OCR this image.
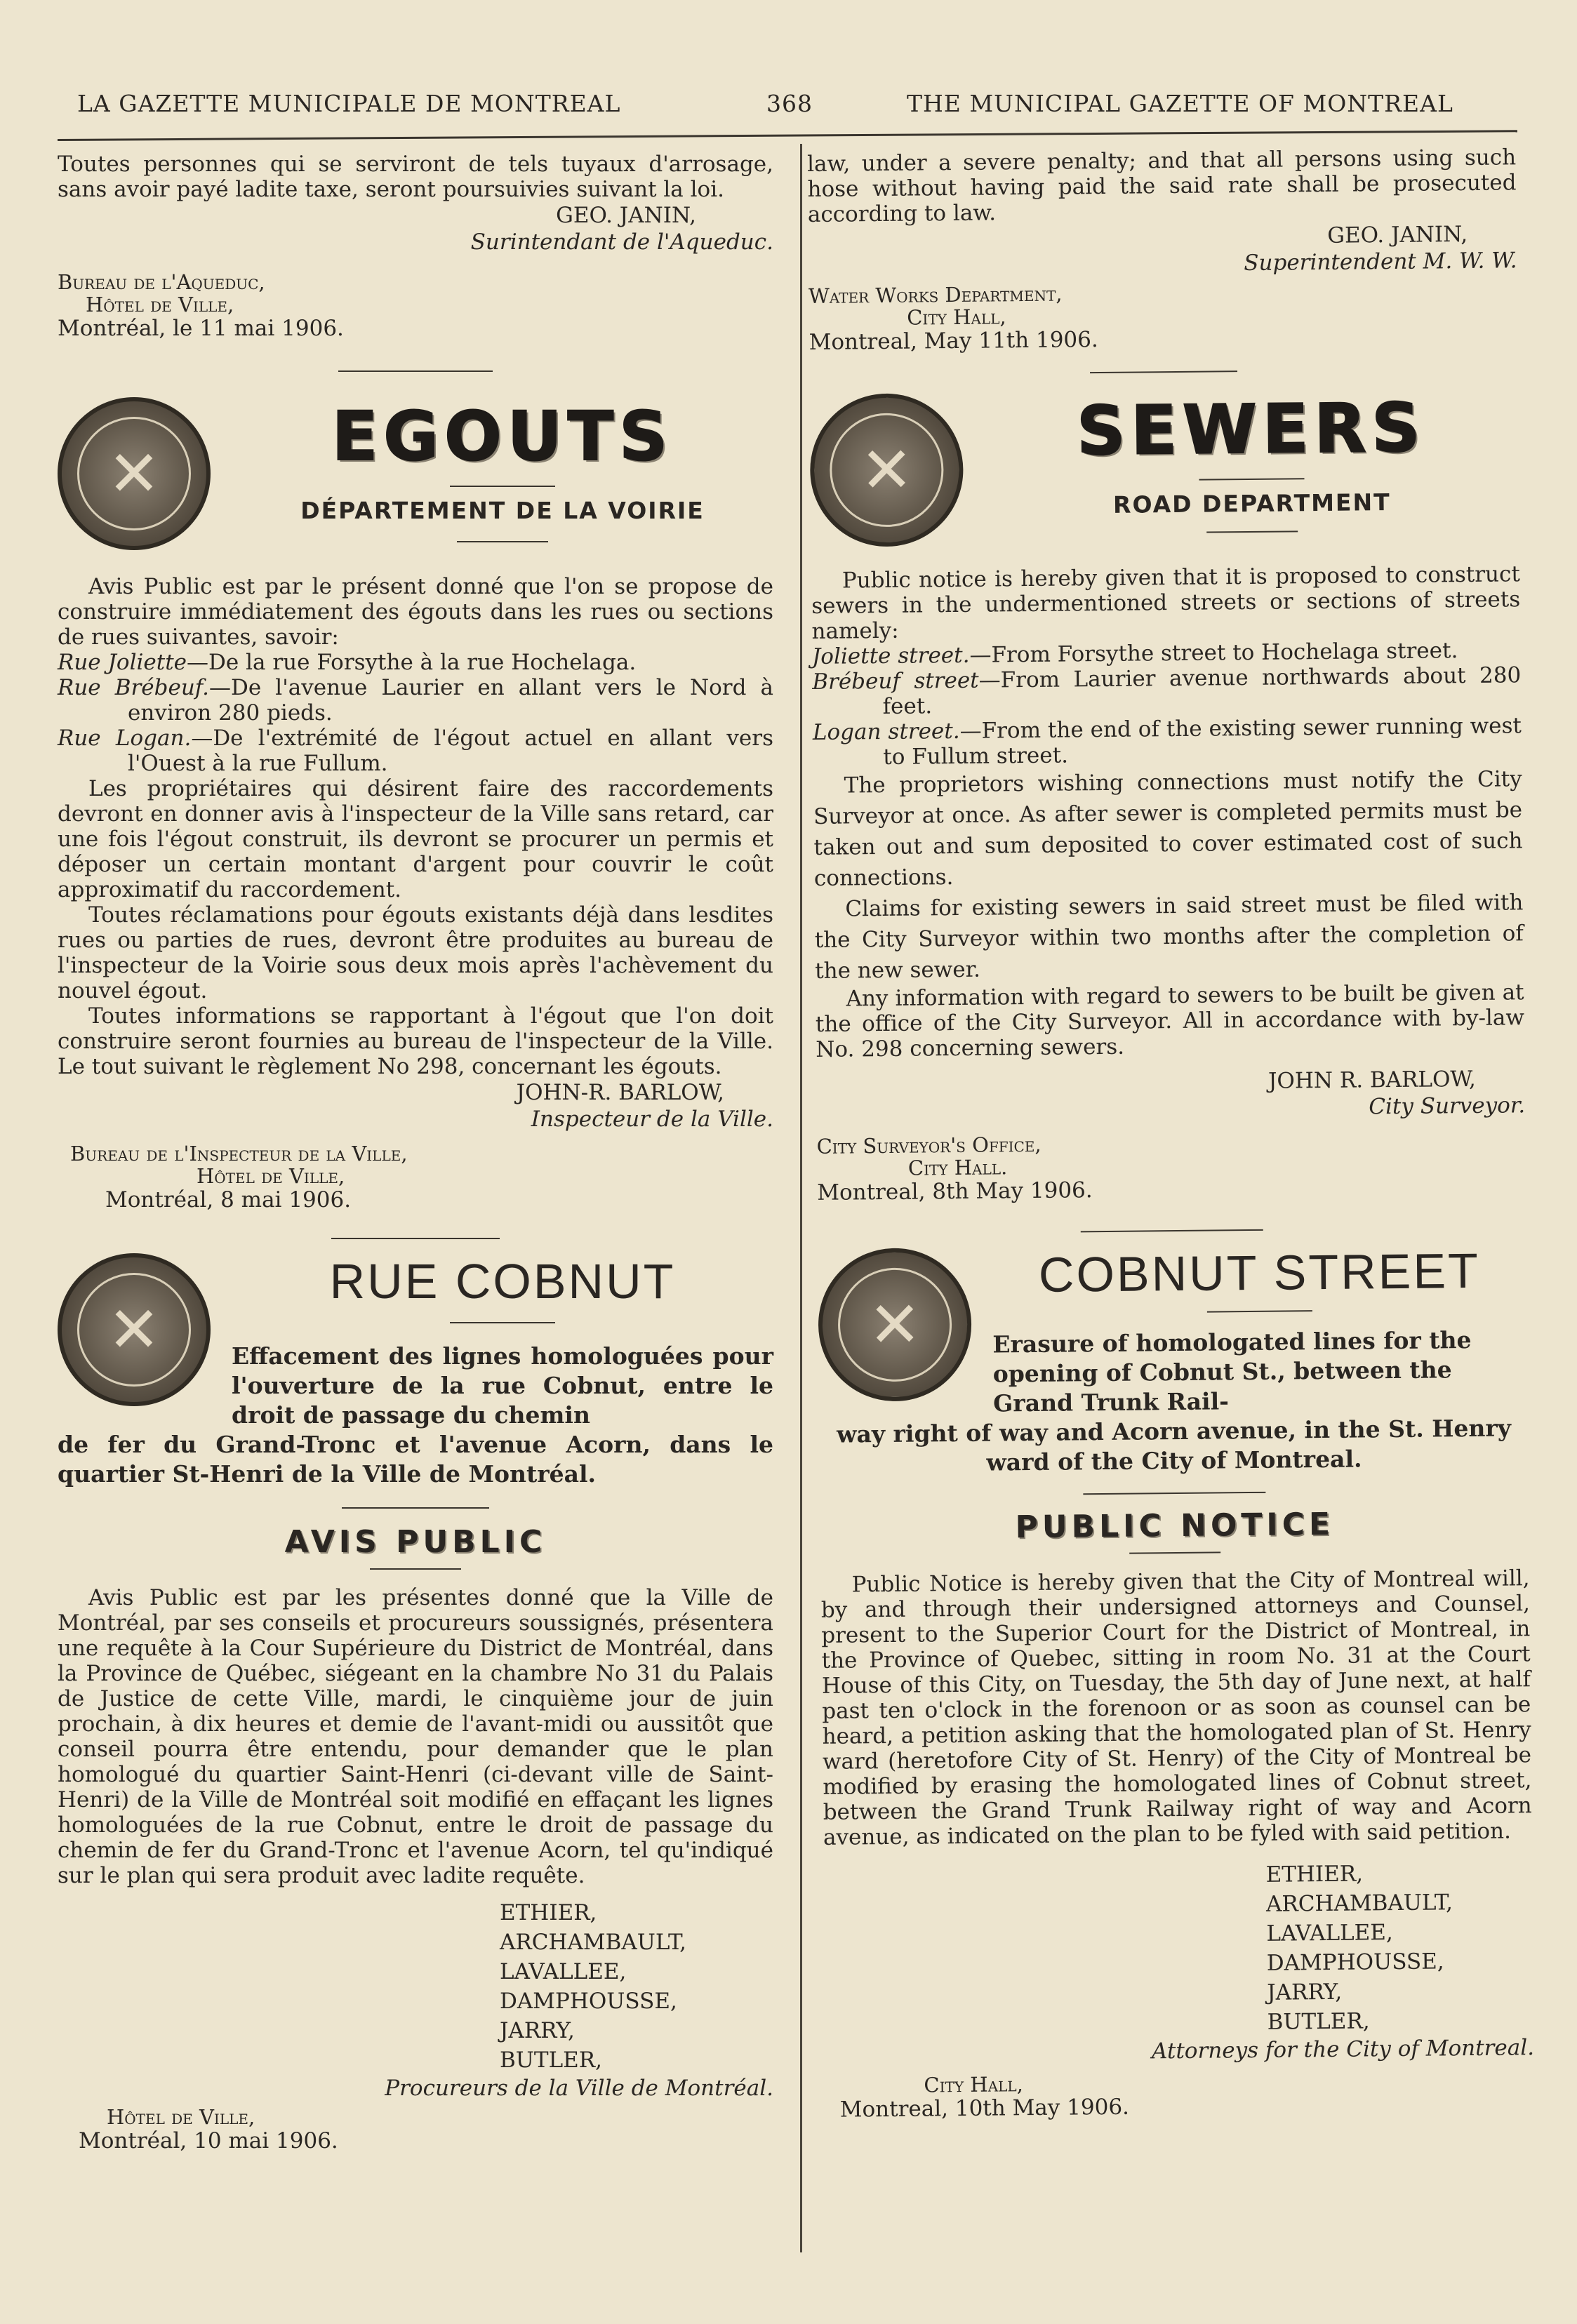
LA GAZETTE MUNICIPALE DE MONTREAL	368	THE MUNICIPAL GAZETTE OF MONTREAL

Toutes personnes qui se serviront de tels tuyaux d'arrosage, sans avoir payé ladite taxe, seront poursuivies suivant la loi.

GEO. JANIN,
Surintendant de l'Aqueduc.
Bureau de l'Aqueduc,
Hôtel de Ville,
Montréal, le 11 mai 1906.
✕
EGOUTS
DÉPARTEMENT DE LA VOIRIE

Avis Public est par le présent donné que l'on se propose de construire immédiatement des égouts dans les rues ou sections de rues suivantes, savoir:

Rue Joliette—De la rue Forsythe à la rue Hochelaga.

Rue Brébeuf.—De l'avenue Laurier en allant vers le Nord à environ 280 pieds.

Rue Logan.—De l'extrémité de l'égout actuel en allant vers l'Ouest à la rue Fullum.

Les propriétaires qui désirent faire des raccordements devront en donner avis à l'inspecteur de la Ville sans retard, car une fois l'égout construit, ils devront se procurer un permis et déposer un certain montant d'argent pour couvrir le coût approximatif du raccordement.

Toutes réclamations pour égouts existants déjà dans lesdites rues ou parties de rues, devront être produites au bureau de l'inspecteur de la Voirie sous deux mois après l'achèvement du nouvel égout.

Toutes informations se rapportant à l'égout que l'on doit construire seront fournies au bureau de l'inspecteur de la Ville. Le tout suivant le règlement No 298, concernant les égouts.

JOHN-R. BARLOW,
Inspecteur de la Ville.
Bureau de l'Inspecteur de la Ville,
Hôtel de Ville,
Montréal, 8 mai 1906.
✕
RUE COBNUT
Effacement des lignes homologuées pour l'ouverture de la rue Cobnut, entre le droit de passage du chemin
de fer du Grand-Tronc et l'avenue Acorn, dans le quartier St-Henri de la Ville de Montréal.
AVIS PUBLIC

Avis Public est par les présentes donné que la Ville de Montréal, par ses conseils et procureurs soussignés, présentera une requête à la Cour Supérieure du District de Montréal, dans la Province de Québec, siégeant en la chambre No 31 du Palais de Justice de cette Ville, mardi, le cinquième jour de juin prochain, à dix heures et demie de l'avant-midi ou aussitôt que conseil pourra être entendu, pour demander que le plan homologué du quartier Saint-Henri (ci-devant ville de Saint-Henri) de la Ville de Montréal soit modifié en effaçant les lignes homologuées de la rue Cobnut, entre le droit de passage du chemin de fer du Grand-Tronc et l'avenue Acorn, tel qu'indiqué sur le plan qui sera produit avec ladite requête.

ETHIER,
ARCHAMBAULT,
LAVALLEE,
DAMPHOUSSE,
JARRY,
BUTLER,
Procureurs de la Ville de Montréal.
Hôtel de Ville,
Montréal, 10 mai 1906.

law, under a severe penalty; and that all persons using such hose without having paid the said rate shall be prosecuted according to law.

GEO. JANIN,
Superintendent M. W. W.
Water Works Department,
City Hall,
Montreal, May 11th 1906.
✕
SEWERS
ROAD DEPARTMENT

Public notice is hereby given that it is proposed to construct sewers in the undermentioned streets or sections of streets namely:

Joliette street.—From Forsythe street to Hochelaga street.

Brébeuf street—From Laurier avenue northwards about 280 feet.

Logan street.—From the end of the existing sewer running west to Fullum street.

The proprietors wishing connections must notify the City Surveyor at once. As after sewer is completed permits must be taken out and sum deposited to cover estimated cost of such connections.

Claims for existing sewers in said street must be filed with the City Surveyor within two months after the completion of the new sewer.

Any information with regard to sewers to be built be given at the office of the City Surveyor. All in accordance with by-law No. 298 concerning sewers.

JOHN R. BARLOW,
City Surveyor.
City Surveyor's Office,
City Hall.
Montreal, 8th May 1906.
✕
COBNUT STREET
Erasure of homologated lines for the opening of Cobnut St., between the Grand Trunk Rail-
way right of way and Acorn avenue, in the St. Henry ward of the City of Montreal.
PUBLIC NOTICE

Public Notice is hereby given that the City of Montreal will, by and through their undersigned attorneys and Counsel, present to the Superior Court for the District of Montreal, in the Province of Quebec, sitting in room No. 31 at the Court House of this City, on Tuesday, the 5th day of June next, at half past ten o'clock in the forenoon or as soon as counsel can be heard, a petition asking that the homologated plan of St. Henry ward (heretofore City of St. Henry) of the City of Montreal be modified by erasing the homologated lines of Cobnut street, between the Grand Trunk Railway right of way and Acorn avenue, as indicated on the plan to be fyled with said petition.

ETHIER,
ARCHAMBAULT,
LAVALLEE,
DAMPHOUSSE,
JARRY,
BUTLER,
Attorneys for the City of Montreal.
City Hall,
Montreal, 10th May 1906.
